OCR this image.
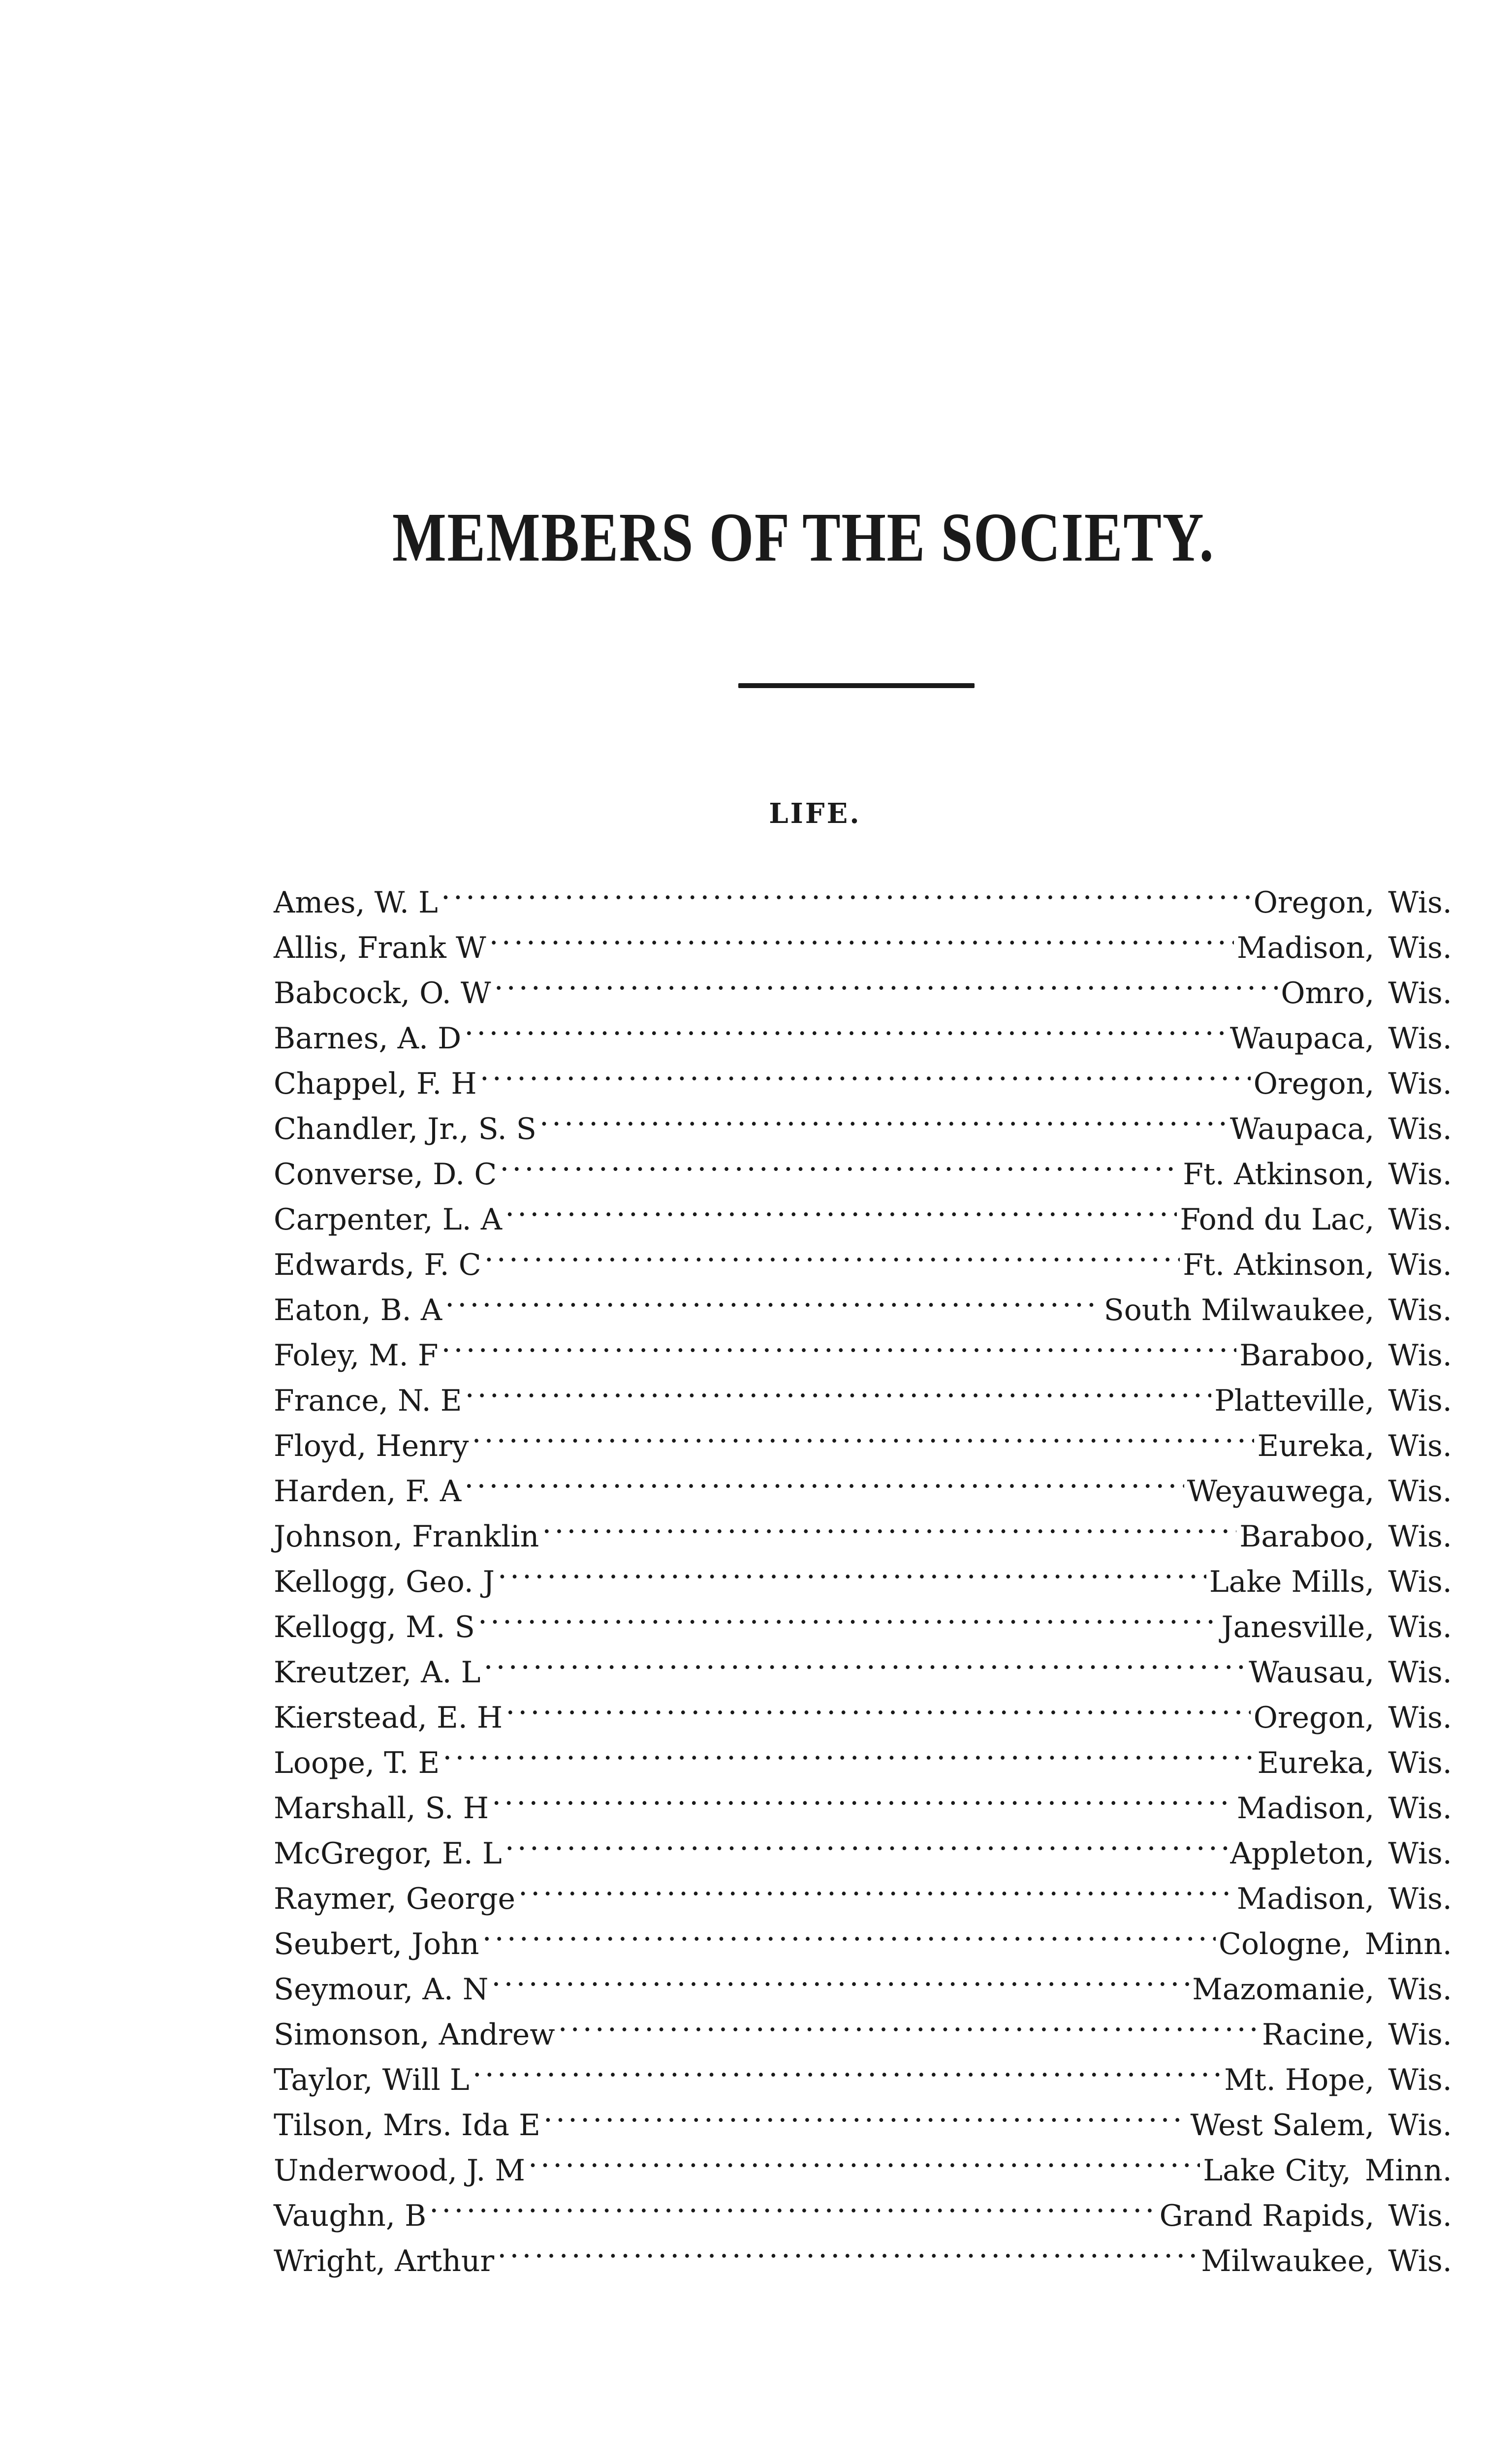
MEMBERS OF THE SOCIETY.
LIFE.
Ames, W. L .....	Oregon, Wis.
Allis, Frank W .....	Madison, Wis.
Babcock, O. W .....	Omro, Wis.
Barnes, A. D .....	Waupaca, Wis.
Chappel, F. H .....	Oregon, Wis.
Chandler, Jr., S. S .....	Waupaca, Wis.
Converse, D. C .....	Ft. Atkinson, Wis.
Carpenter, L. A .....	Fond du Lac, Wis.
Edwards, F. C .....	Ft. Atkinson, Wis.
Eaton, B. A .....	South Milwaukee, Wis.
Foley, M. F .....	Baraboo, Wis.
France, N. E .....	Platteville, Wis.
Floyd, Henry .....	Eureka, Wis.
Harden, F. A .....	Weyauwega, Wis.
Johnson, Franklin .....	Baraboo, Wis.
Kellogg, Geo. J .....	Lake Mills, Wis.
Kellogg, M. S .....	Janesville, Wis.
Kreutzer, A. L .....	Wausau, Wis.
Kierstead, E. H .....	Oregon, Wis.
Loope, T. E .....	Eureka, Wis.
Marshall, S. H .....	Madison, Wis.
McGregor, E. L .....	Appleton, Wis.
Raymer, George .....	Madison, Wis.
Seubert, John .....	Cologne, Minn.
Seymour, A. N .....	Mazomanie, Wis.
Simonson, Andrew .....	Racine, Wis.
Taylor, Will L .....	Mt. Hope, Wis.
Tilson, Mrs. Ida E .....	West Salem, Wis.
Underwood, J. M .....	Lake City, Minn.
Vaughn, B .....	Grand Rapids, Wis.
Wright, Arthur .....	Milwaukee, Wis.
